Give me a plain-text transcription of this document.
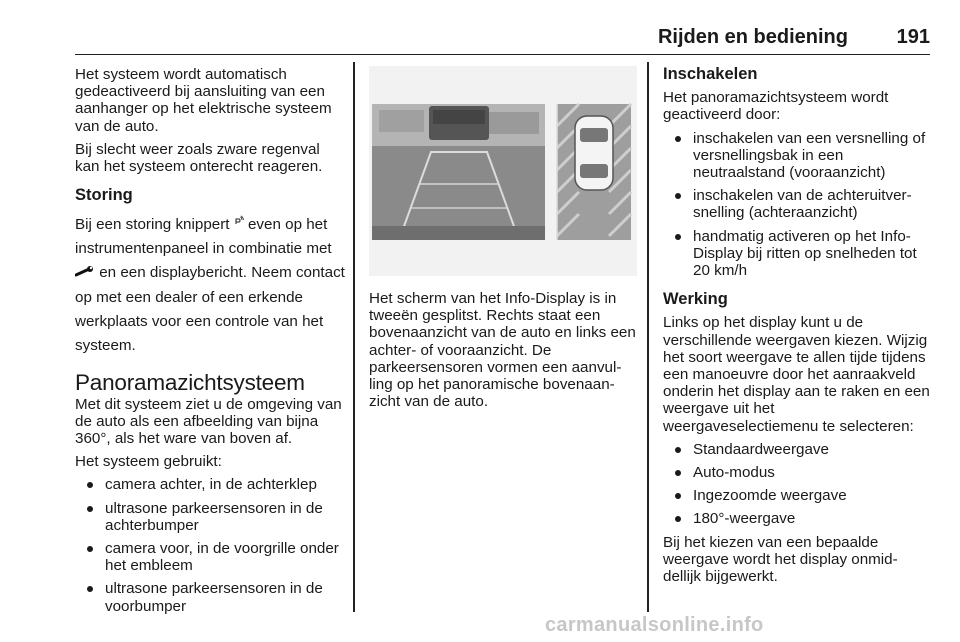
Rijden en bediening 191

Het systeem wordt automatisch gedeactiveerd bij aansluiting van een aanhanger op het elektrische systeem van de auto.

Bij slecht weer zoals zware regenval kan het systeem onterecht reageren.

Storing

Bij een storing knippert even op het instrumentenpaneel in combinatie met  en een displaybericht. Neem contact op met een dealer of een erkende werkplaats voor een controle van het systeem.

Panoramazichtsysteem

Met dit systeem ziet u de omgeving van de auto als een afbeelding van bijna 360°, als het ware van boven af.

Het systeem gebruikt:

camera achter, in de achterklep
ultrasone parkeersensoren in de achterbumper
camera voor, in de voorgrille onder het embleem
ultrasone parkeersensoren in de voorbumper

Het scherm van het Info-Display is in tweeën gesplitst. Rechts staat een bovenaanzicht van de auto en links een achter- of vooraanzicht. De parkeersensoren vormen een aanvul-ling op het panoramische bovenaan-zicht van de auto.

Inschakelen

Het panoramazichtsysteem wordt geactiveerd door:

inschakelen van een versnelling of versnellingsbak in een neutraalstand (vooraanzicht)
inschakelen van de achteruitver-snelling (achteraanzicht)
handmatig activeren op het Info-Display bij ritten op snelheden tot 20 km/h
Werking

Links op het display kunt u de verschillende weergaven kiezen. Wijzig het soort weergave te allen tijde tijdens een manoeuvre door het aanraakveld onderin het display aan te raken en een weergave uit het weergaveselectiemenu te selecteren:

Standaardweergave
Auto-modus
Ingezoomde weergave
180°-weergave

Bij het kiezen van een bepaalde weergave wordt het display onmid-dellijk bijgewerkt.

carmanualsonline.info
